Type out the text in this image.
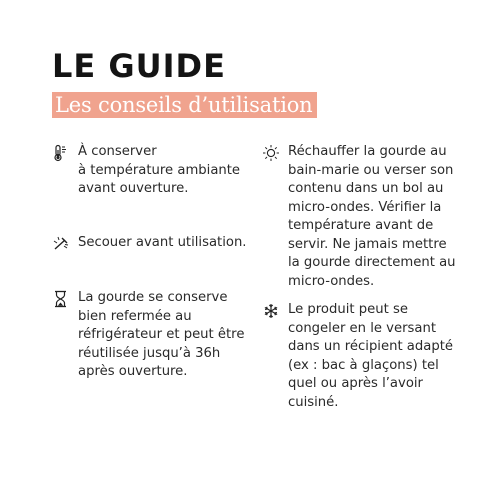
LE GUIDE
Les conseils d’utilisation
À conserver
à température ambiante
avant ouverture.
Secouer avant utilisation.
La gourde se conserve
bien refermée au
réfrigérateur et peut être
réutilisée jusqu’à 36h
après ouverture.
Réchauffer la gourde au
bain-marie ou verser son
contenu dans un bol au
micro-ondes. Vérifier la
température avant de
servir. Ne jamais mettre
la gourde directement au
micro-ondes.
Le produit peut se
congeler en le versant
dans un récipient adapté
(ex : bac à glaçons) tel
quel ou après l’avoir
cuisiné.
